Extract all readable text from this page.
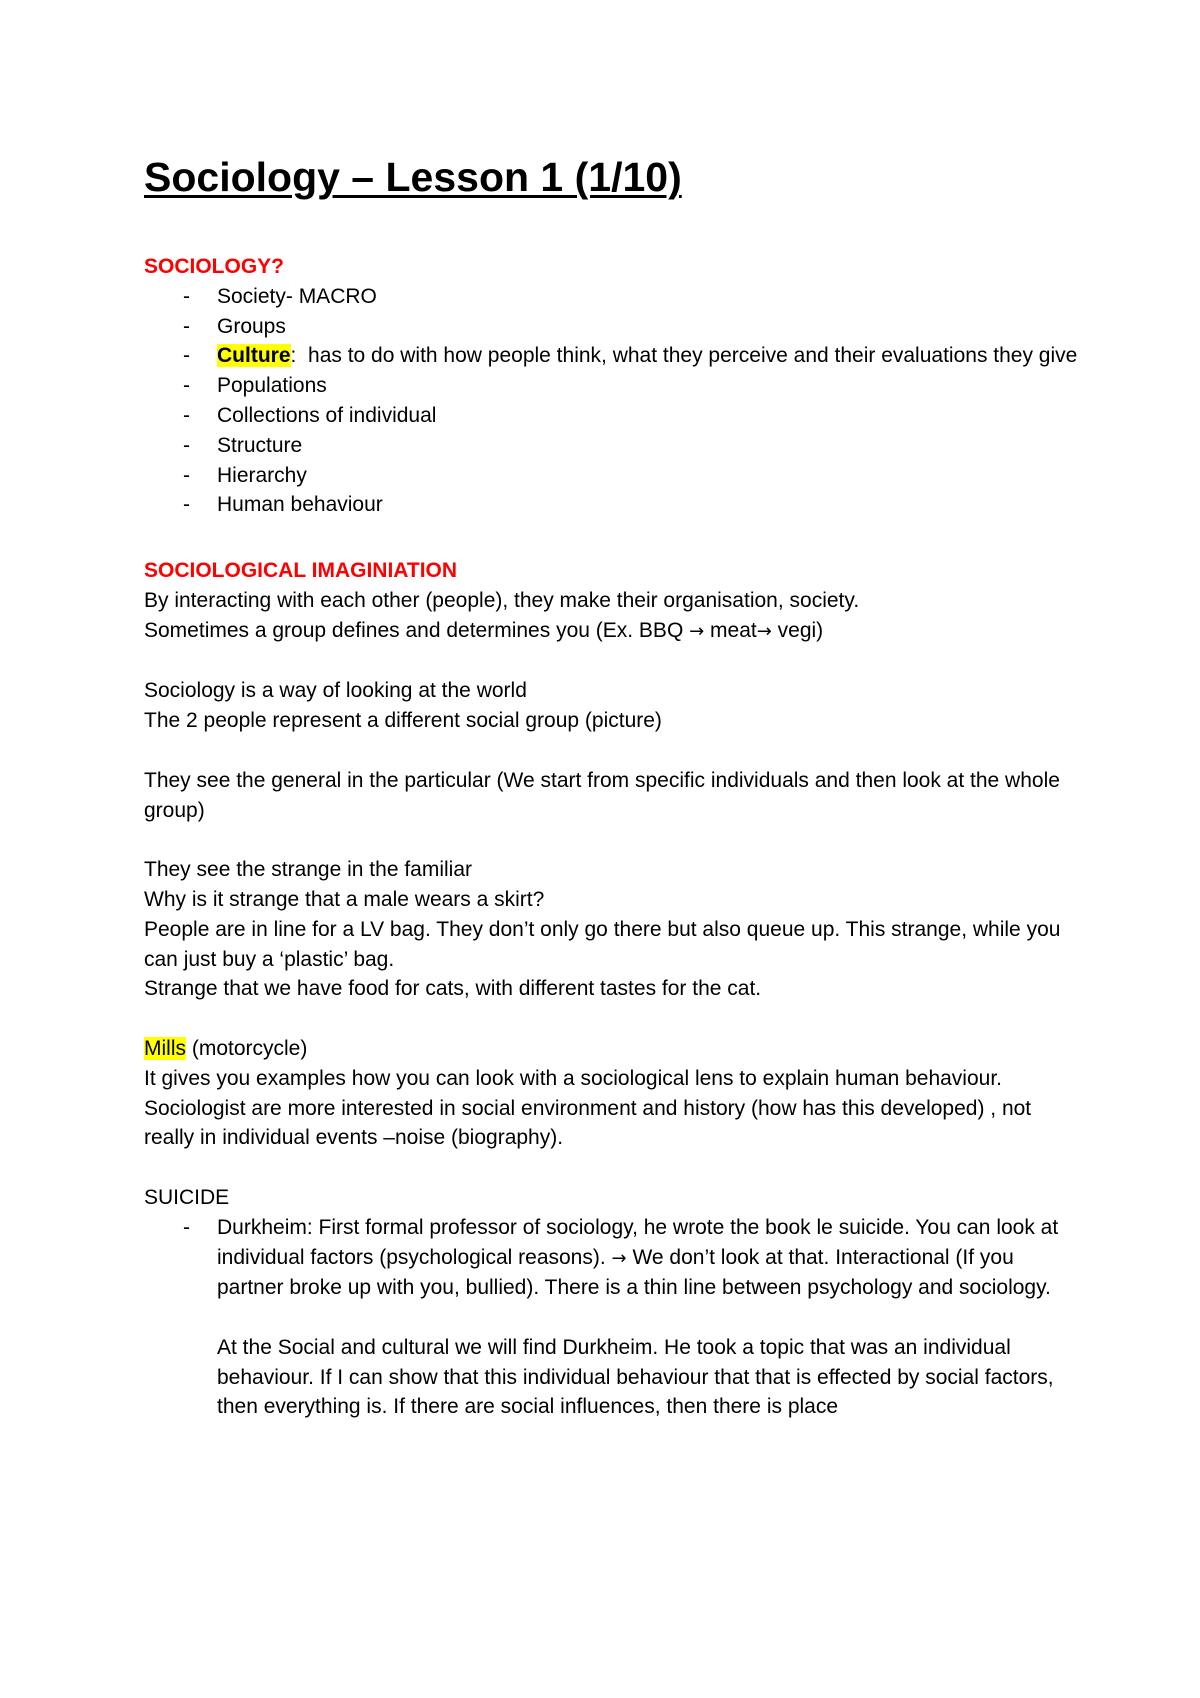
Sociology – Lesson 1 (1/10)

SOCIOLOGY?

- Society- MACRO
- Groups
- Culture: has to do with how people think, what they perceive and their evaluations they give
- Populations
- Collections of individual
- Structure
- Hierarchy
- Human behaviour

SOCIOLOGICAL IMAGINIATION

By interacting with each other (people), they make their organisation, society.

Sometimes a group defines and determines you (Ex. BBQ → meat→ vegi)

Sociology is a way of looking at the world

The 2 people represent a different social group (picture)

They see the general in the particular (We start from specific individuals and then look at the whole group)

They see the strange in the familiar

Why is it strange that a male wears a skirt?

People are in line for a LV bag. They don’t only go there but also queue up. This strange, while you can just buy a ‘plastic’ bag.

Strange that we have food for cats, with different tastes for the cat.

Mills (motorcycle)

It gives you examples how you can look with a sociological lens to explain human behaviour.

Sociologist are more interested in social environment and history (how has this developed) , not really in individual events –noise (biography).

SUICIDE

- Durkheim: First formal professor of sociology, he wrote the book le suicide. You can look at individual factors (psychological reasons). → We don’t look at that. Interactional (If you partner broke up with you, bullied). There is a thin line between psychology and sociology.

At the Social and cultural we will find Durkheim. He took a topic that was an individual behaviour. If I can show that this individual behaviour that that is effected by social factors, then everything is. If there are social influences, then there is place
